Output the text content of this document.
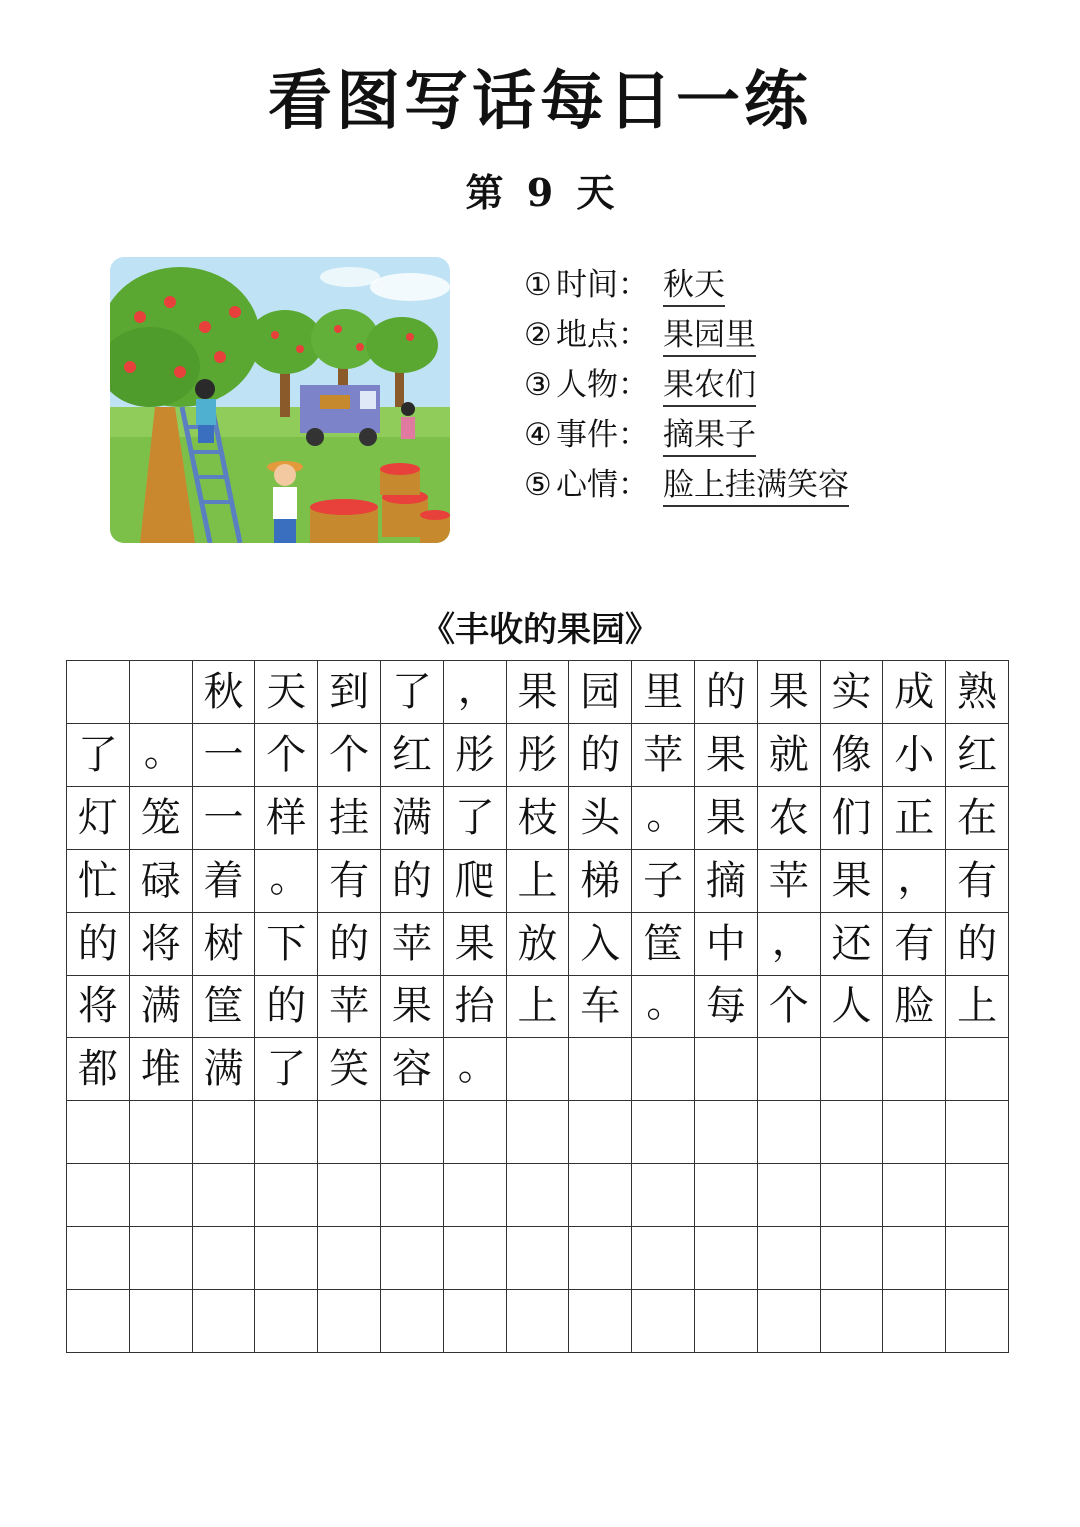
看图写话每日一练
第 9 天
① 时间： 秋天
② 地点： 果园里
③ 人物： 果农们
④ 事件： 摘果子
⑤ 心情： 脸上挂满笑容
《丰收的果园》
秋 天 到 了 ， 果 园 里 的 果 实 成 熟
了 。 一 个 个 红 彤 彤 的 苹 果 就 像 小 红
灯 笼 一 样 挂 满 了 枝 头 。 果 农 们 正 在
忙 碌 着 。 有 的 爬 上 梯 子 摘 苹 果 ， 有
的 将 树 下 的 苹 果 放 入 筐 中 ， 还 有 的
将 满 筐 的 苹 果 抬 上 车 。 每 个 人 脸 上
都 堆 满 了 笑 容 。
